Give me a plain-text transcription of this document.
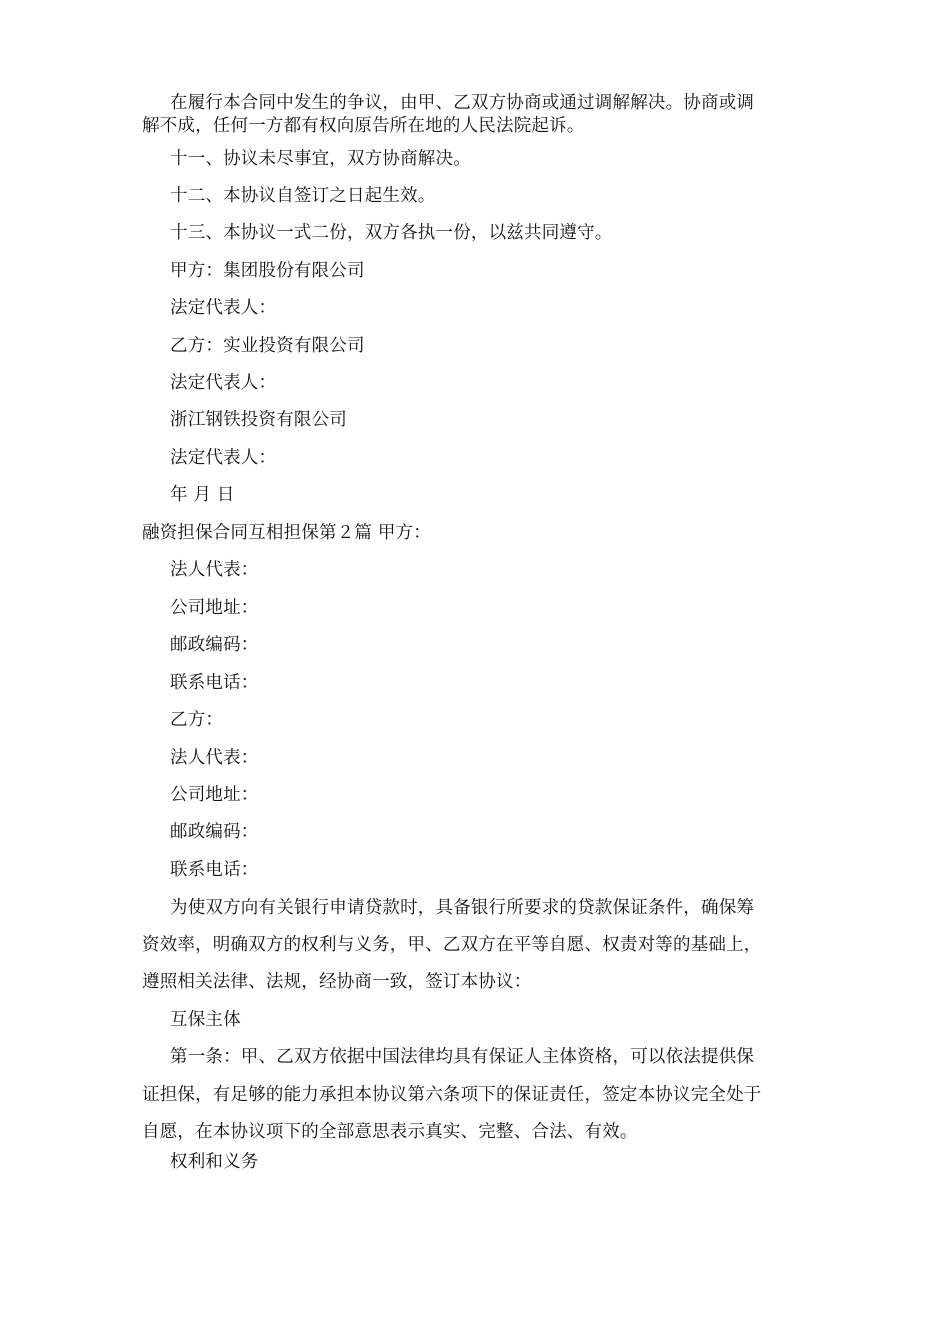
在履行本合同中发生的争议，由甲、乙双方协商或通过调解解决。协商或调
解不成，任何一方都有权向原告所在地的人民法院起诉。
十一、协议未尽事宜，双方协商解决。
十二、本协议自签订之日起生效。
十三、本协议一式二份，双方各执一份，以兹共同遵守。
甲方：集团股份有限公司
法定代表人：
乙方：实业投资有限公司
法定代表人：
浙江钢铁投资有限公司
法定代表人：
年 月 日
融资担保合同互相担保第２篇 甲方：
法人代表：
公司地址：
邮政编码：
联系电话：
乙方：
法人代表：
公司地址：
邮政编码：
联系电话：
为使双方向有关银行申请贷款时，具备银行所要求的贷款保证条件，确保筹
资效率，明确双方的权利与义务，甲、乙双方在平等自愿、权责对等的基础上，
遵照相关法律、法规，经协商一致，签订本协议：
互保主体
第一条：甲、乙双方依据中国法律均具有保证人主体资格，可以依法提供保
证担保，有足够的能力承担本协议第六条项下的保证责任，签定本协议完全处于
自愿，在本协议项下的全部意思表示真实、完整、合法、有效。
权利和义务
